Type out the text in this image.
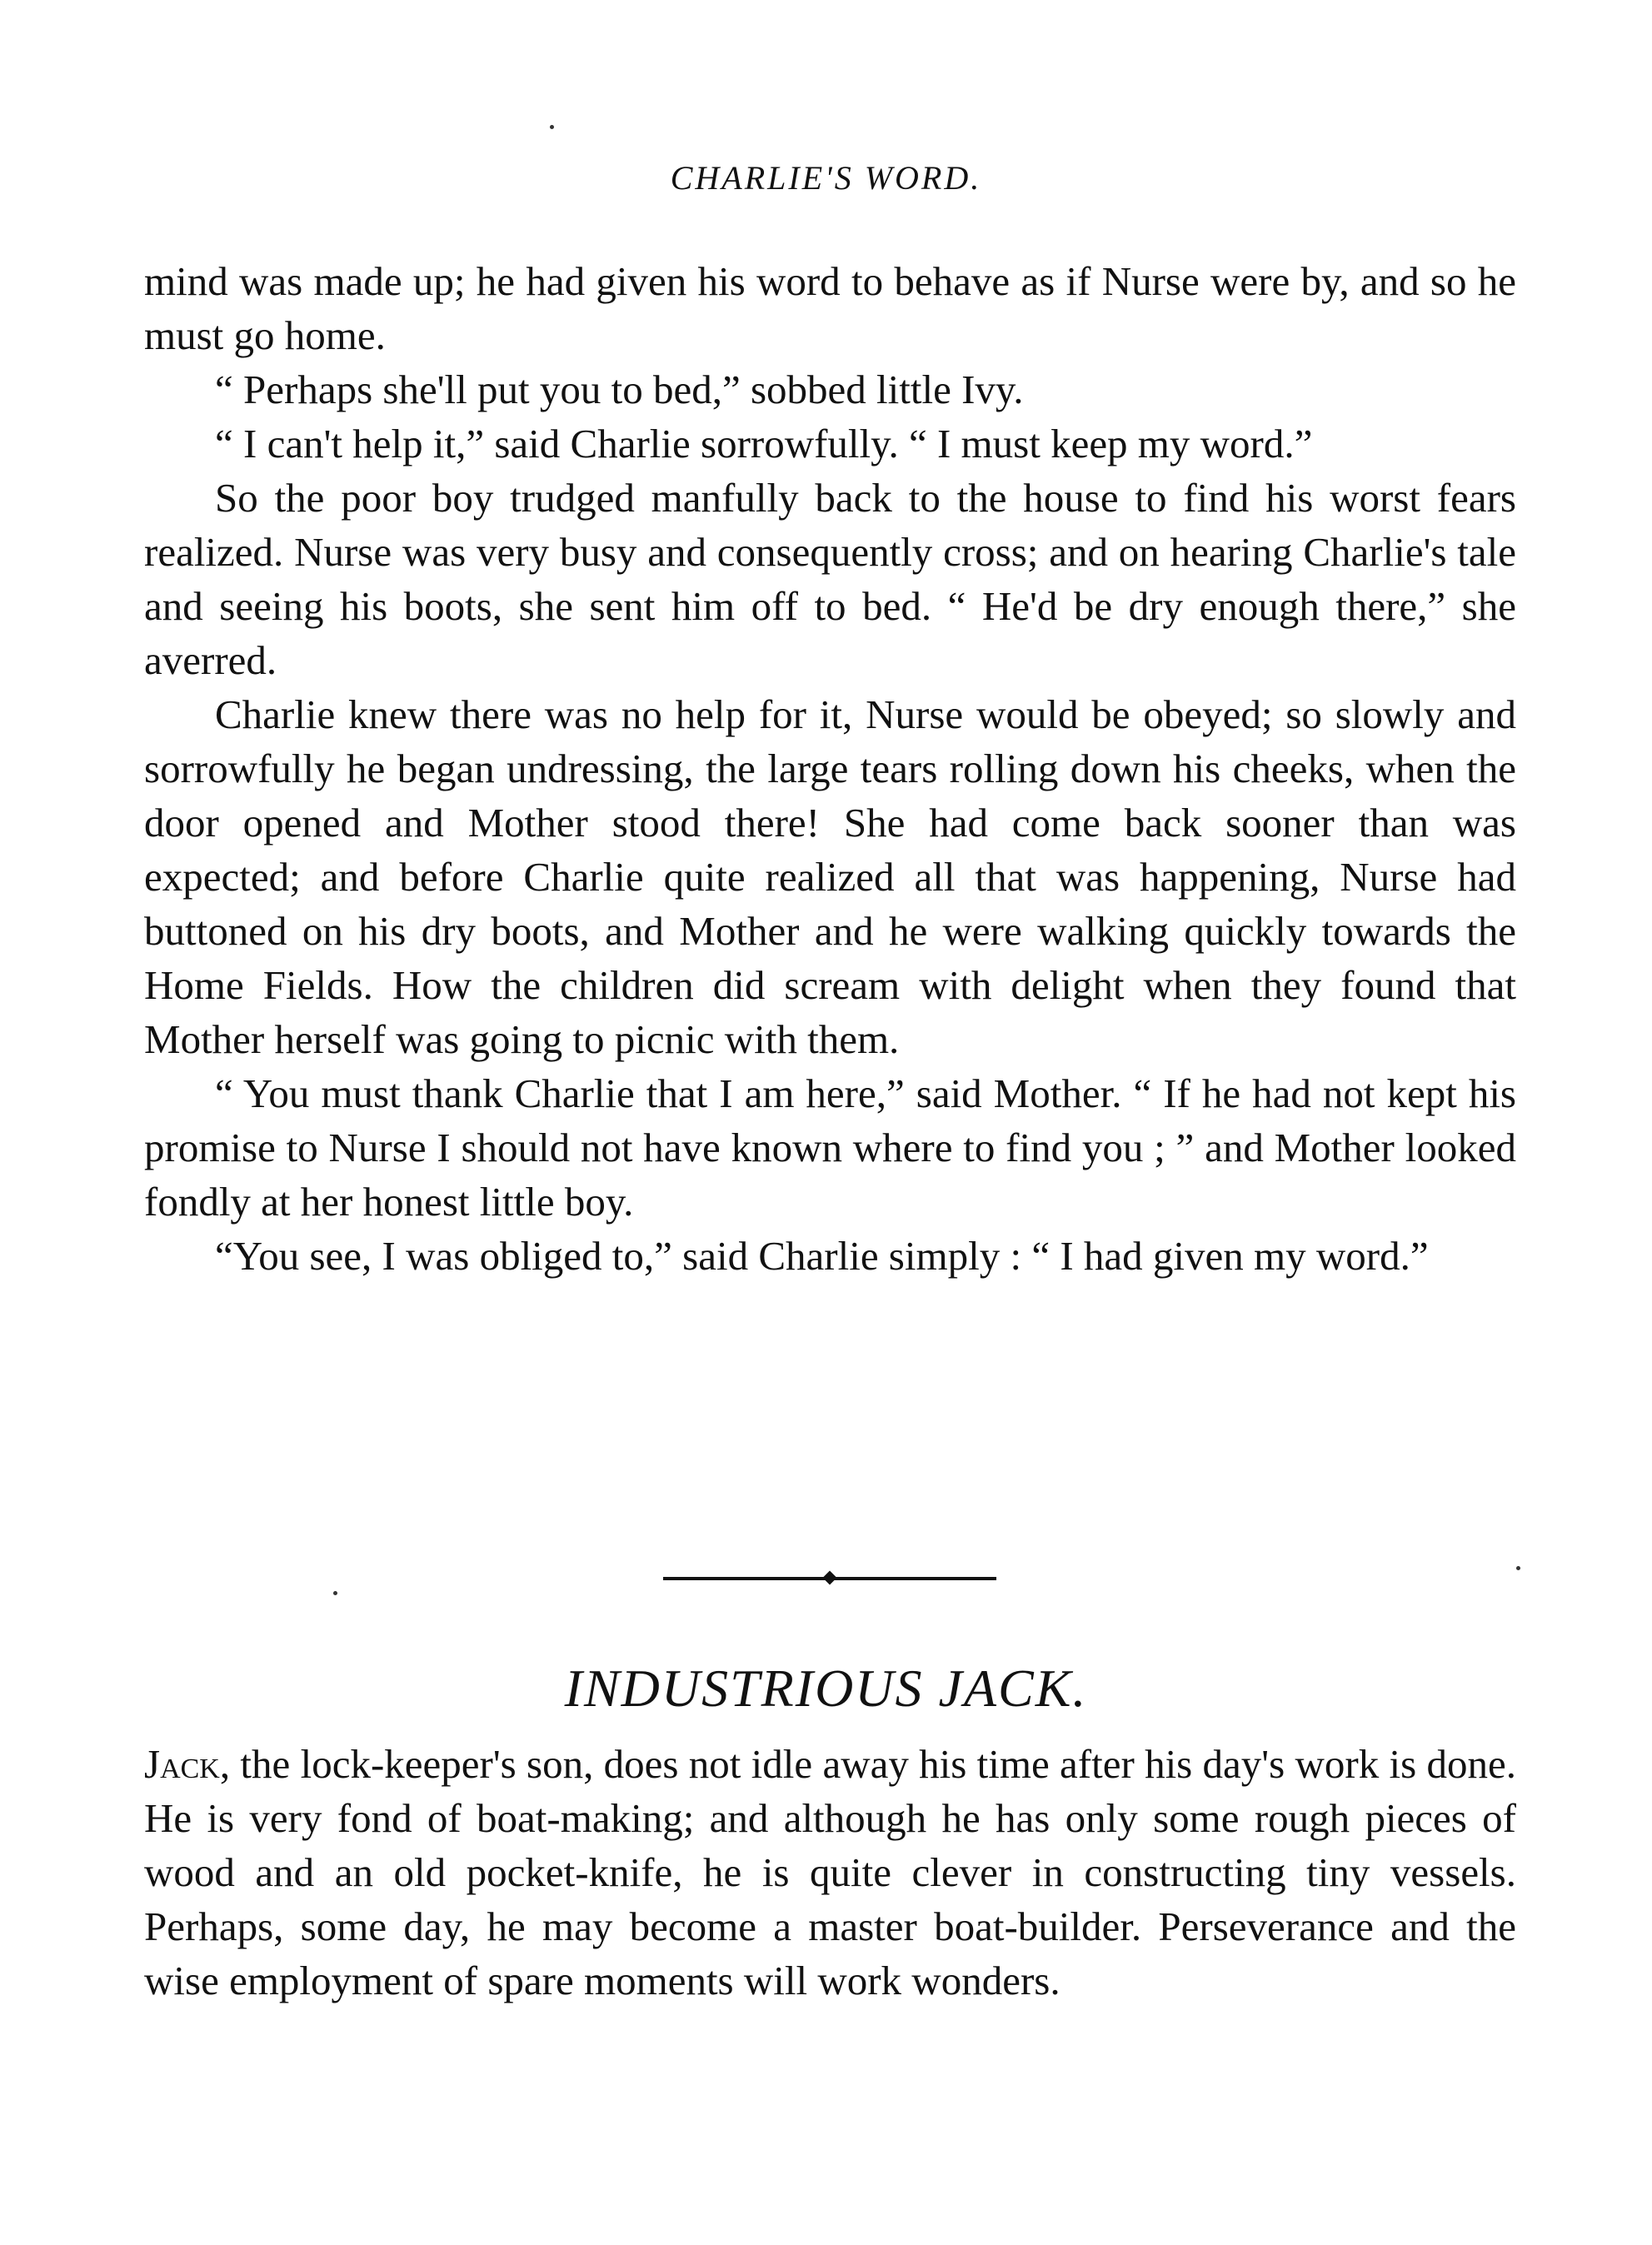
CHARLIE'S WORD.

mind was made up; he had given his word to behave as if Nurse were by, and so he must go home.

“ Perhaps she'll put you to bed,” sobbed little Ivy.

“ I can't help it,” said Charlie sorrowfully. “ I must keep my word.”

So the poor boy trudged manfully back to the house to find his worst fears realized. Nurse was very busy and consequently cross; and on hearing Charlie's tale and seeing his boots, she sent him off to bed. “ He'd be dry enough there,” she averred.

Charlie knew there was no help for it, Nurse would be obeyed; so slowly and sorrowfully he began undressing, the large tears rolling down his cheeks, when the door opened and Mother stood there! She had come back sooner than was expected; and before Charlie quite realized all that was happening, Nurse had buttoned on his dry boots, and Mother and he were walking quickly towards the Home Fields. How the children did scream with delight when they found that Mother herself was going to picnic with them.

“ You must thank Charlie that I am here,” said Mother. “ If he had not kept his promise to Nurse I should not have known where to find you ; ” and Mother looked fondly at her honest little boy.

“You see, I was obliged to,” said Charlie simply : “ I had given my word.”

INDUSTRIOUS JACK.

Jack, the lock-keeper's son, does not idle away his time after his day's work is done. He is very fond of boat-making; and although he has only some rough pieces of wood and an old pocket-knife, he is quite clever in constructing tiny vessels. Perhaps, some day, he may become a master boat-builder. Perseverance and the wise employment of spare moments will work wonders.
